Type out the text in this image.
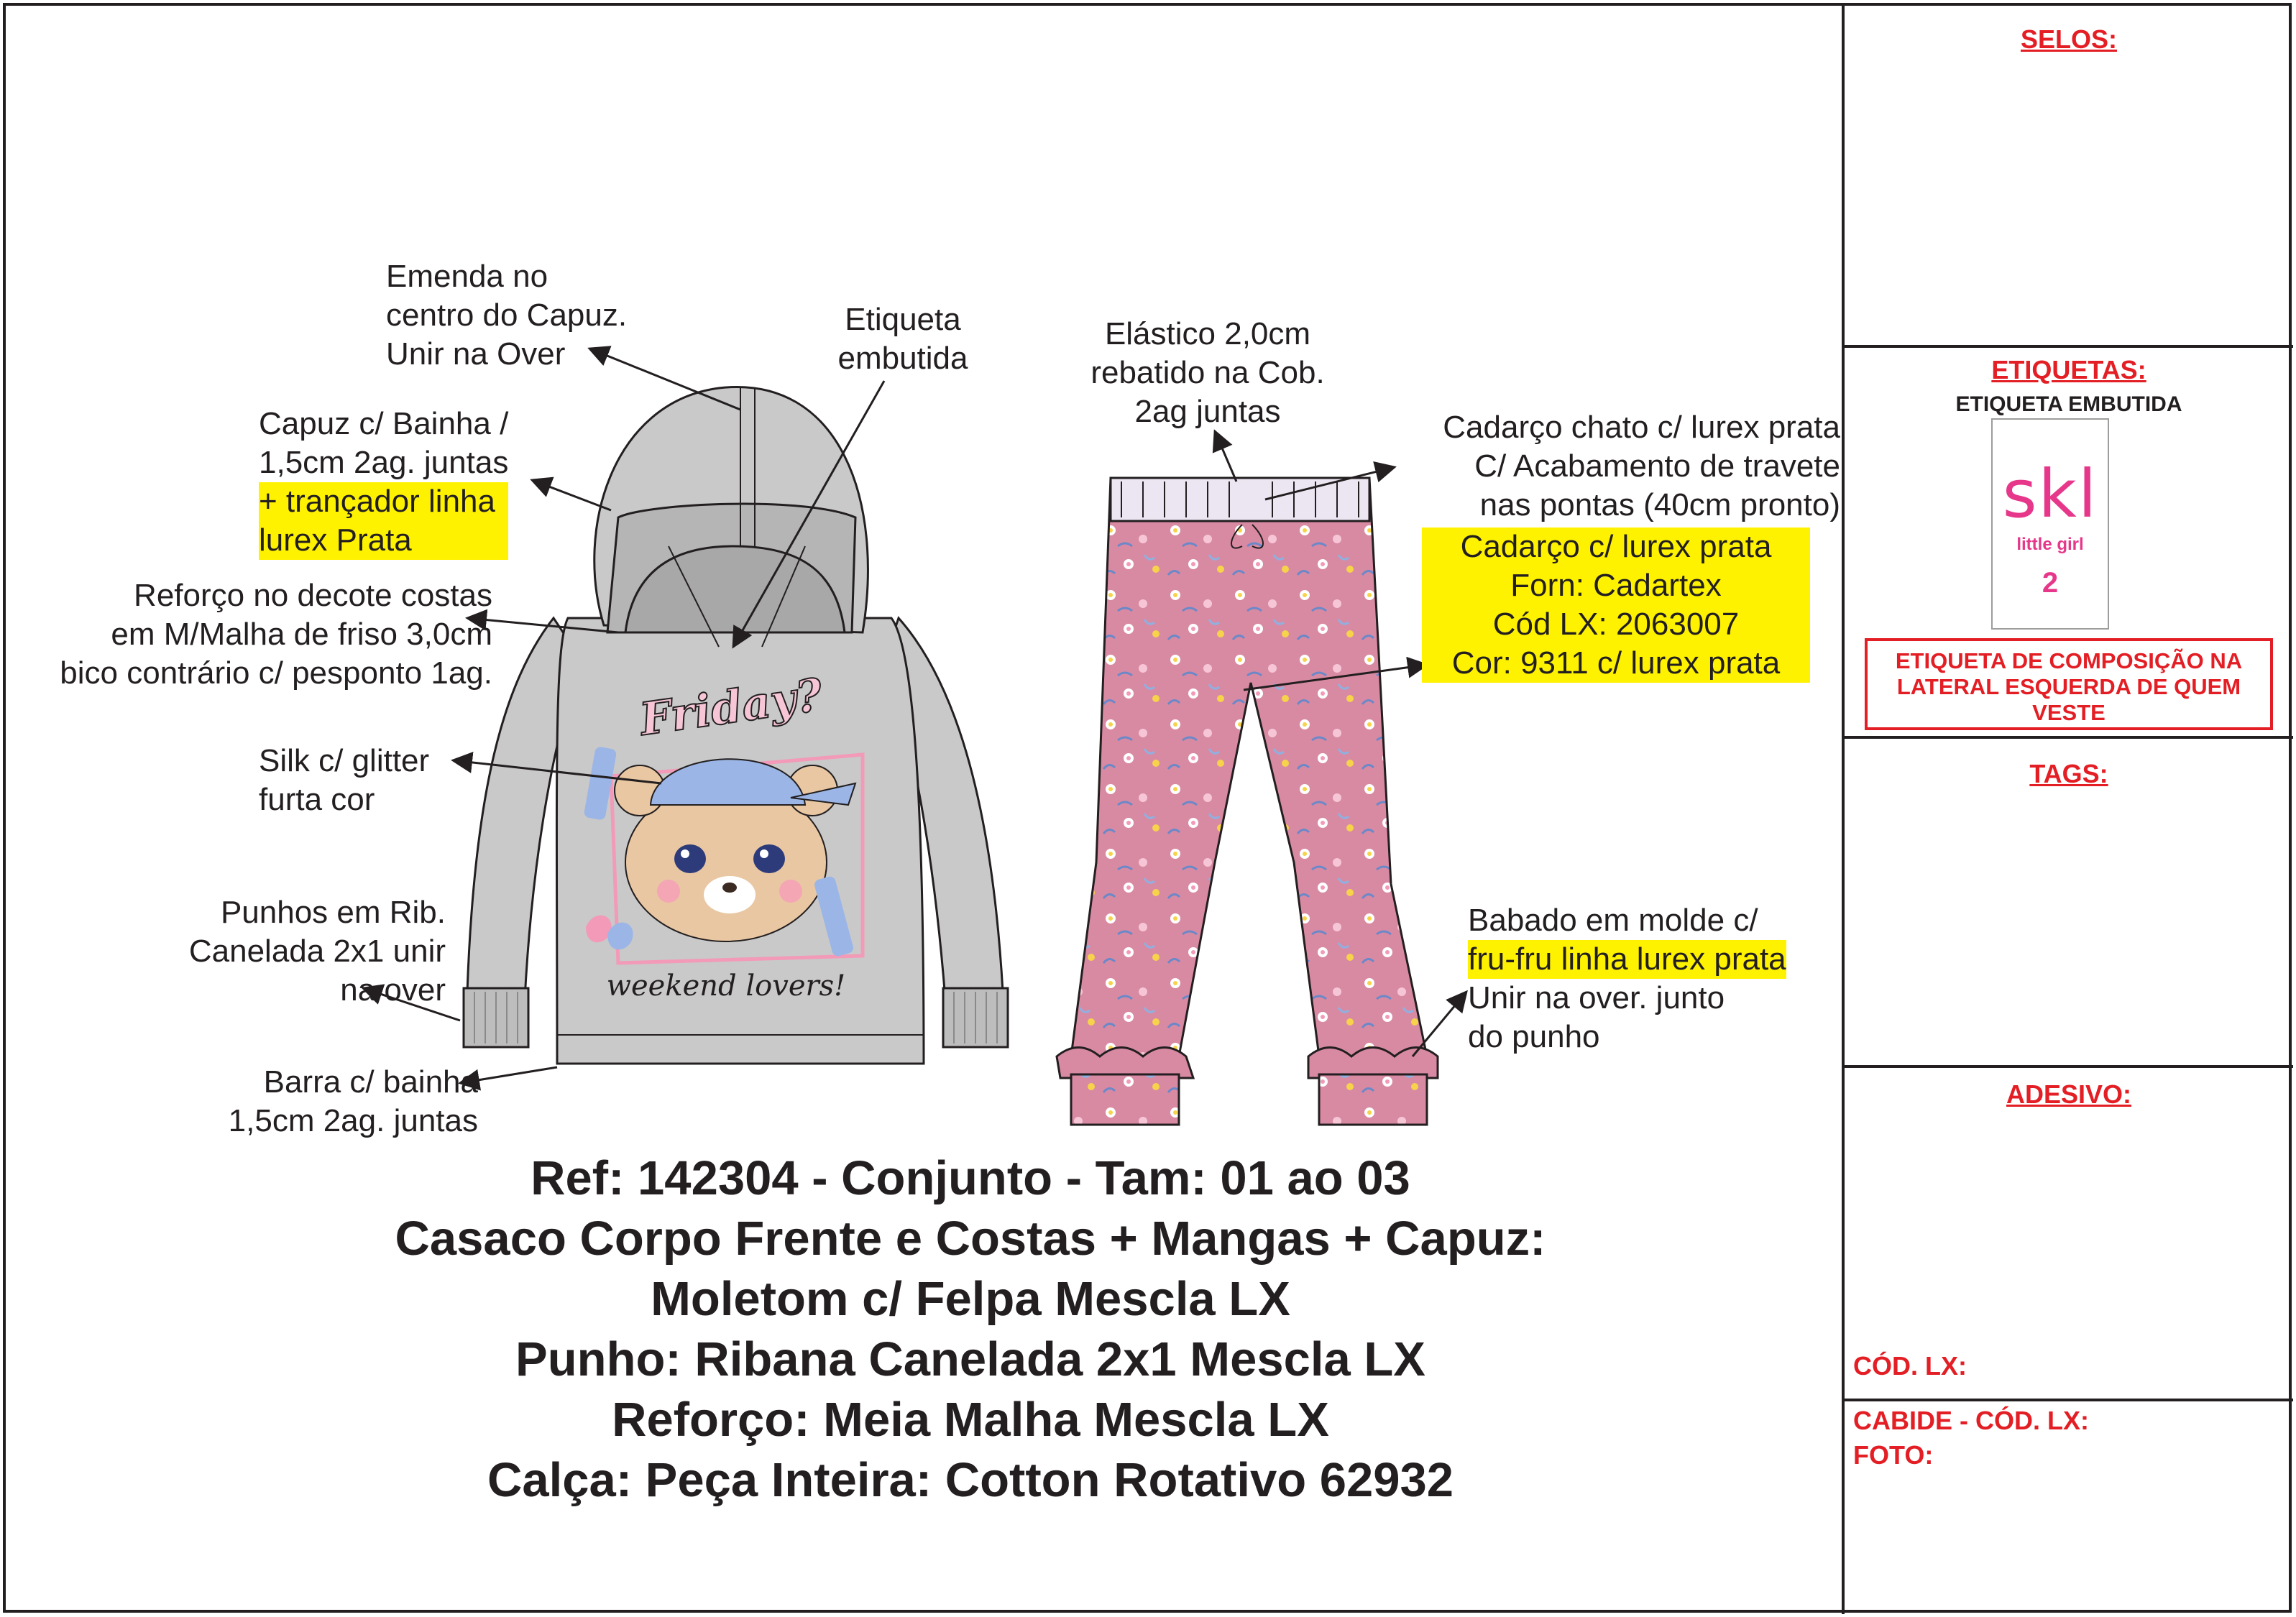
SELOS:
ETIQUETAS:
ETIQUETA EMBUTIDA
skl
little girl
2
ETIQUETA DE COMPOSIÇÃO NA LATERAL ESQUERDA DE QUEM VESTE
TAGS:
ADESIVO:
CÓD. LX:
CABIDE - CÓD. LX:
FOTO:
Friday?
weekend lovers!
Emenda no
centro do Capuz.
Unir na Over
Etiqueta
embutida
Capuz c/ Bainha /
1,5cm 2ag. juntas
+ trançador linha
lurex Prata
Reforço no decote costas
em M/Malha de friso 3,0cm
bico contrário c/ pesponto 1ag.
Silk c/ glitter
furta cor
Punhos em Rib.
Canelada 2x1 unir
na over
Barra c/ bainha
1,5cm 2ag. juntas
Elástico 2,0cm
rebatido na Cob.
2ag juntas	Cadarço chato c/ lurex prata
C/ Acabamento de travete
nas pontas (40cm pronto)
Cadarço c/ lurex prata
Forn: Cadartex
Cód LX: 2063007
Cor: 9311 c/ lurex prata
Babado em molde c/
fru-fru linha lurex prata
Unir na over. junto
do punho
Ref: 142304 - Conjunto - Tam: 01 ao 03
Casaco Corpo Frente e Costas + Mangas + Capuz:
Moletom c/ Felpa Mescla LX
Punho: Ribana Canelada 2x1 Mescla LX
Reforço: Meia Malha Mescla LX
Calça: Peça Inteira: Cotton Rotativo 62932
